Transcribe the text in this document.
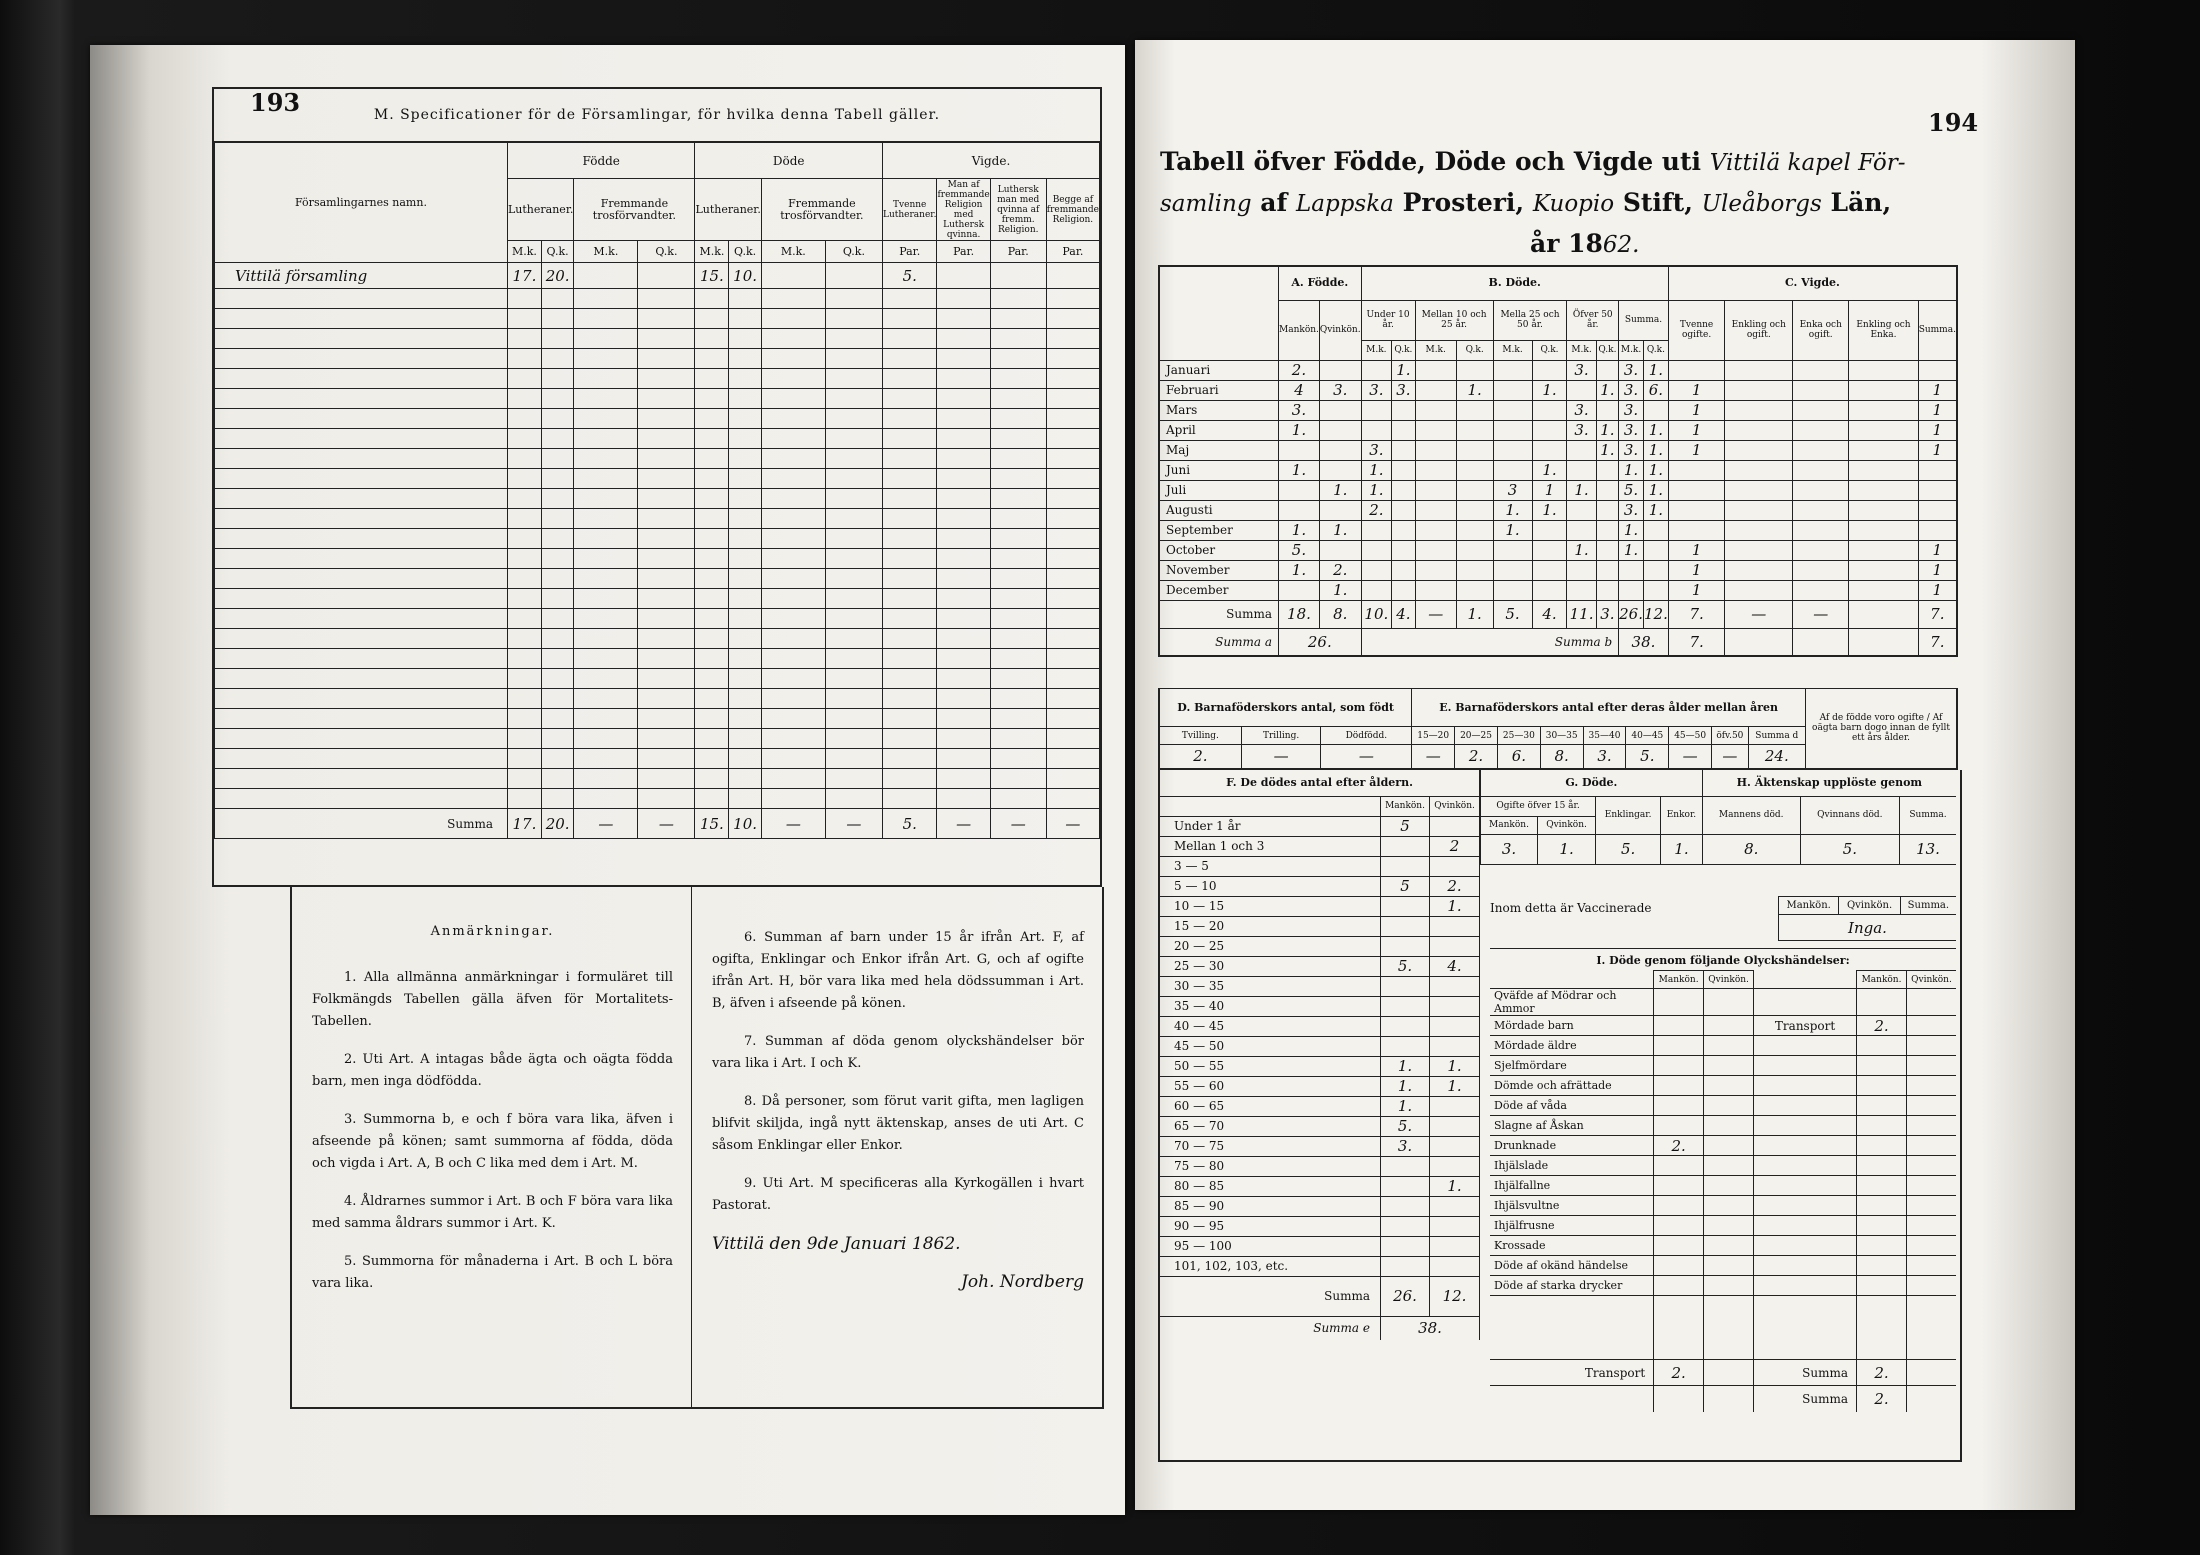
193	M. Specificationer för de Församlingar, för hvilka denna Tabell gäller.
Församlingarnes namn.	Födde				Döde				Vigde.			
	Lutheraner.		Fremmande trosförvandter.		Lutheraner.		Fremmande trosförvandter.		Tvenne Lutheraner.	Man af fremmande Religion med Luthersk qvinna.	Luthersk man med qvinna af fremm. Religion.	Begge af fremmande Religion.
	M.k.	Q.k.	M.k.	Q.k.	M.k.	Q.k.	M.k.	Q.k.	Par.	Par.	Par.	Par.
Vittilä församling	17.	20.			15.	10.			5.			

Summa	17.	20.	—	—	15.	10.	—	—	5.	—	—	—
Anmärkningar.

1. Alla allmänna anmärkningar i formuläret till Folkmängds Tabellen gälla äfven för Mortalitets-Tabellen.

2. Uti Art. A intagas både ägta och oägta födda barn, men inga dödfödda.

3. Summorna b, e och f böra vara lika, äfven i afseende på könen; samt summorna af födda, döda och vigda i Art. A, B och C lika med dem i Art. M.

4. Åldrarnes summor i Art. B och F böra vara lika med samma åldrars summor i Art. K.

5. Summorna för månaderna i Art. B och L böra vara lika.

6. Summan af barn under 15 år ifrån Art. F, af ogifta, Enklingar och Enkor ifrån Art. G, och af ogifte ifrån Art. H, bör vara lika med hela dödssumman i Art. B, äfven i afseende på könen.

7. Summan af döda genom olyckshändelser bör vara lika i Art. I och K.

8. Då personer, som förut varit gifta, men lagligen blifvit skiljda, ingå nytt äktenskap, anses de uti Art. C såsom Enklingar eller Enkor.

9. Uti Art. M specificeras alla Kyrkogällen i hvart Pastorat.

Vittilä den 9de Januari 1862.
Joh. Nordberg
194
Tabell öfver Födde, Döde och Vigde uti Vittilä kapel För-
samling af Lappska Prosteri, Kuopio Stift, Uleåborgs Län,
år 1862.
	A. Födde.		B. Döde.										C. Vigde.				
	Mankön.	Qvinkön.	Under 10 år.		Mellan 10 och 25 år.		Mella 25 och 50 år.		Öfver 50 år.		Summa.		Tvenne ogifte.	Enkling och ogift.	Enka och ogift.	Enkling och Enka.	Summa.
			M.k.	Q.k.	M.k.	Q.k.	M.k.	Q.k.	M.k.	Q.k.	M.k.	Q.k.					
Januari	2.			1.					3.		3.	1.					
Februari	4	3.	3.	3.		1.		1.		1.	3.	6.	1				1
Mars	3.								3.		3.		1				1
April	1.								3.	1.	3.	1.	1				1
Maj			3.							1.	3.	1.	1				1
Juni	1.		1.					1.			1.	1.					
Juli		1.	1.				3	1	1.		5.	1.					
Augusti			2.				1.	1.			3.	1.					
September	1.	1.					1.				1.						
October	5.								1.		1.		1				1
November	1.	2.											1				1
December		1.											1				1
Summa	18.	8.	10.	4.	—	1.	5.	4.	11.	3.	26.	12.	7.	—	—		7.
Summa a	26.		Summa b								38.		7.				7.
D. Barnaföderskors antal, som födt			E. Barnaföderskors antal efter deras ålder mellan åren									Af de födde voro ogifte / Af oägta barn dogo innan de fyllt ett års ålder.
Tvilling.	Trilling.	Dödfödd.	15—20	20—25	25—30	30—35	35—40	40—45	45—50	öfv.50	Summa d	
2.	—	—	—	2.	6.	8.	3.	5.	—	—	24.	
F. De dödes antal efter åldern.		
	Mankön.	Qvinkön.
Under 1 år	5	
Mellan 1 och 3		2
3 — 5		
5 — 10	5	2.
10 — 15		1.
15 — 20		
20 — 25		
25 — 30	5.	4.
30 — 35		
35 — 40		
40 — 45		
45 — 50		
50 — 55	1.	1.
55 — 60	1.	1.
60 — 65	1.	
65 — 70	5.	
70 — 75	3.	
75 — 80		
80 — 85		1.
85 — 90		
90 — 95		
95 — 100		
101, 102, 103, etc.		
Summa	26.	12.
Summa e	38.	
G. Döde.				H. Äktenskap upplöste genom		
Ogifte öfver 15 år.		Enklingar.	Enkor.	Mannens död.	Qvinnans död.	Summa.
Mankön.	Qvinkön.					
3.	1.	5.	1.	8.	5.	13.
Inom detta är Vaccinerade	Mankön.	Qvinkön.	Summa.
Inga.
I. Döde genom följande Olyckshändelser:
	Mankön.	Qvinkön.		Mankön.	Qvinkön.
Qväfde af Mödrar och Ammor					
Mördade barn			Transport	2.	
Mördade äldre					
Sjelfmördare					
Dömde och afrättade					
Döde af våda					
Slagne af Åskan					
Drunknade	2.				
Ihjälslade					
Ihjälfallne					
Ihjälsvultne					
Ihjälfrusne					
Krossade					
Döde af okänd händelse					
Döde af starka drycker					

Transport	2.		Summa	2.	
			Summa	2.	
